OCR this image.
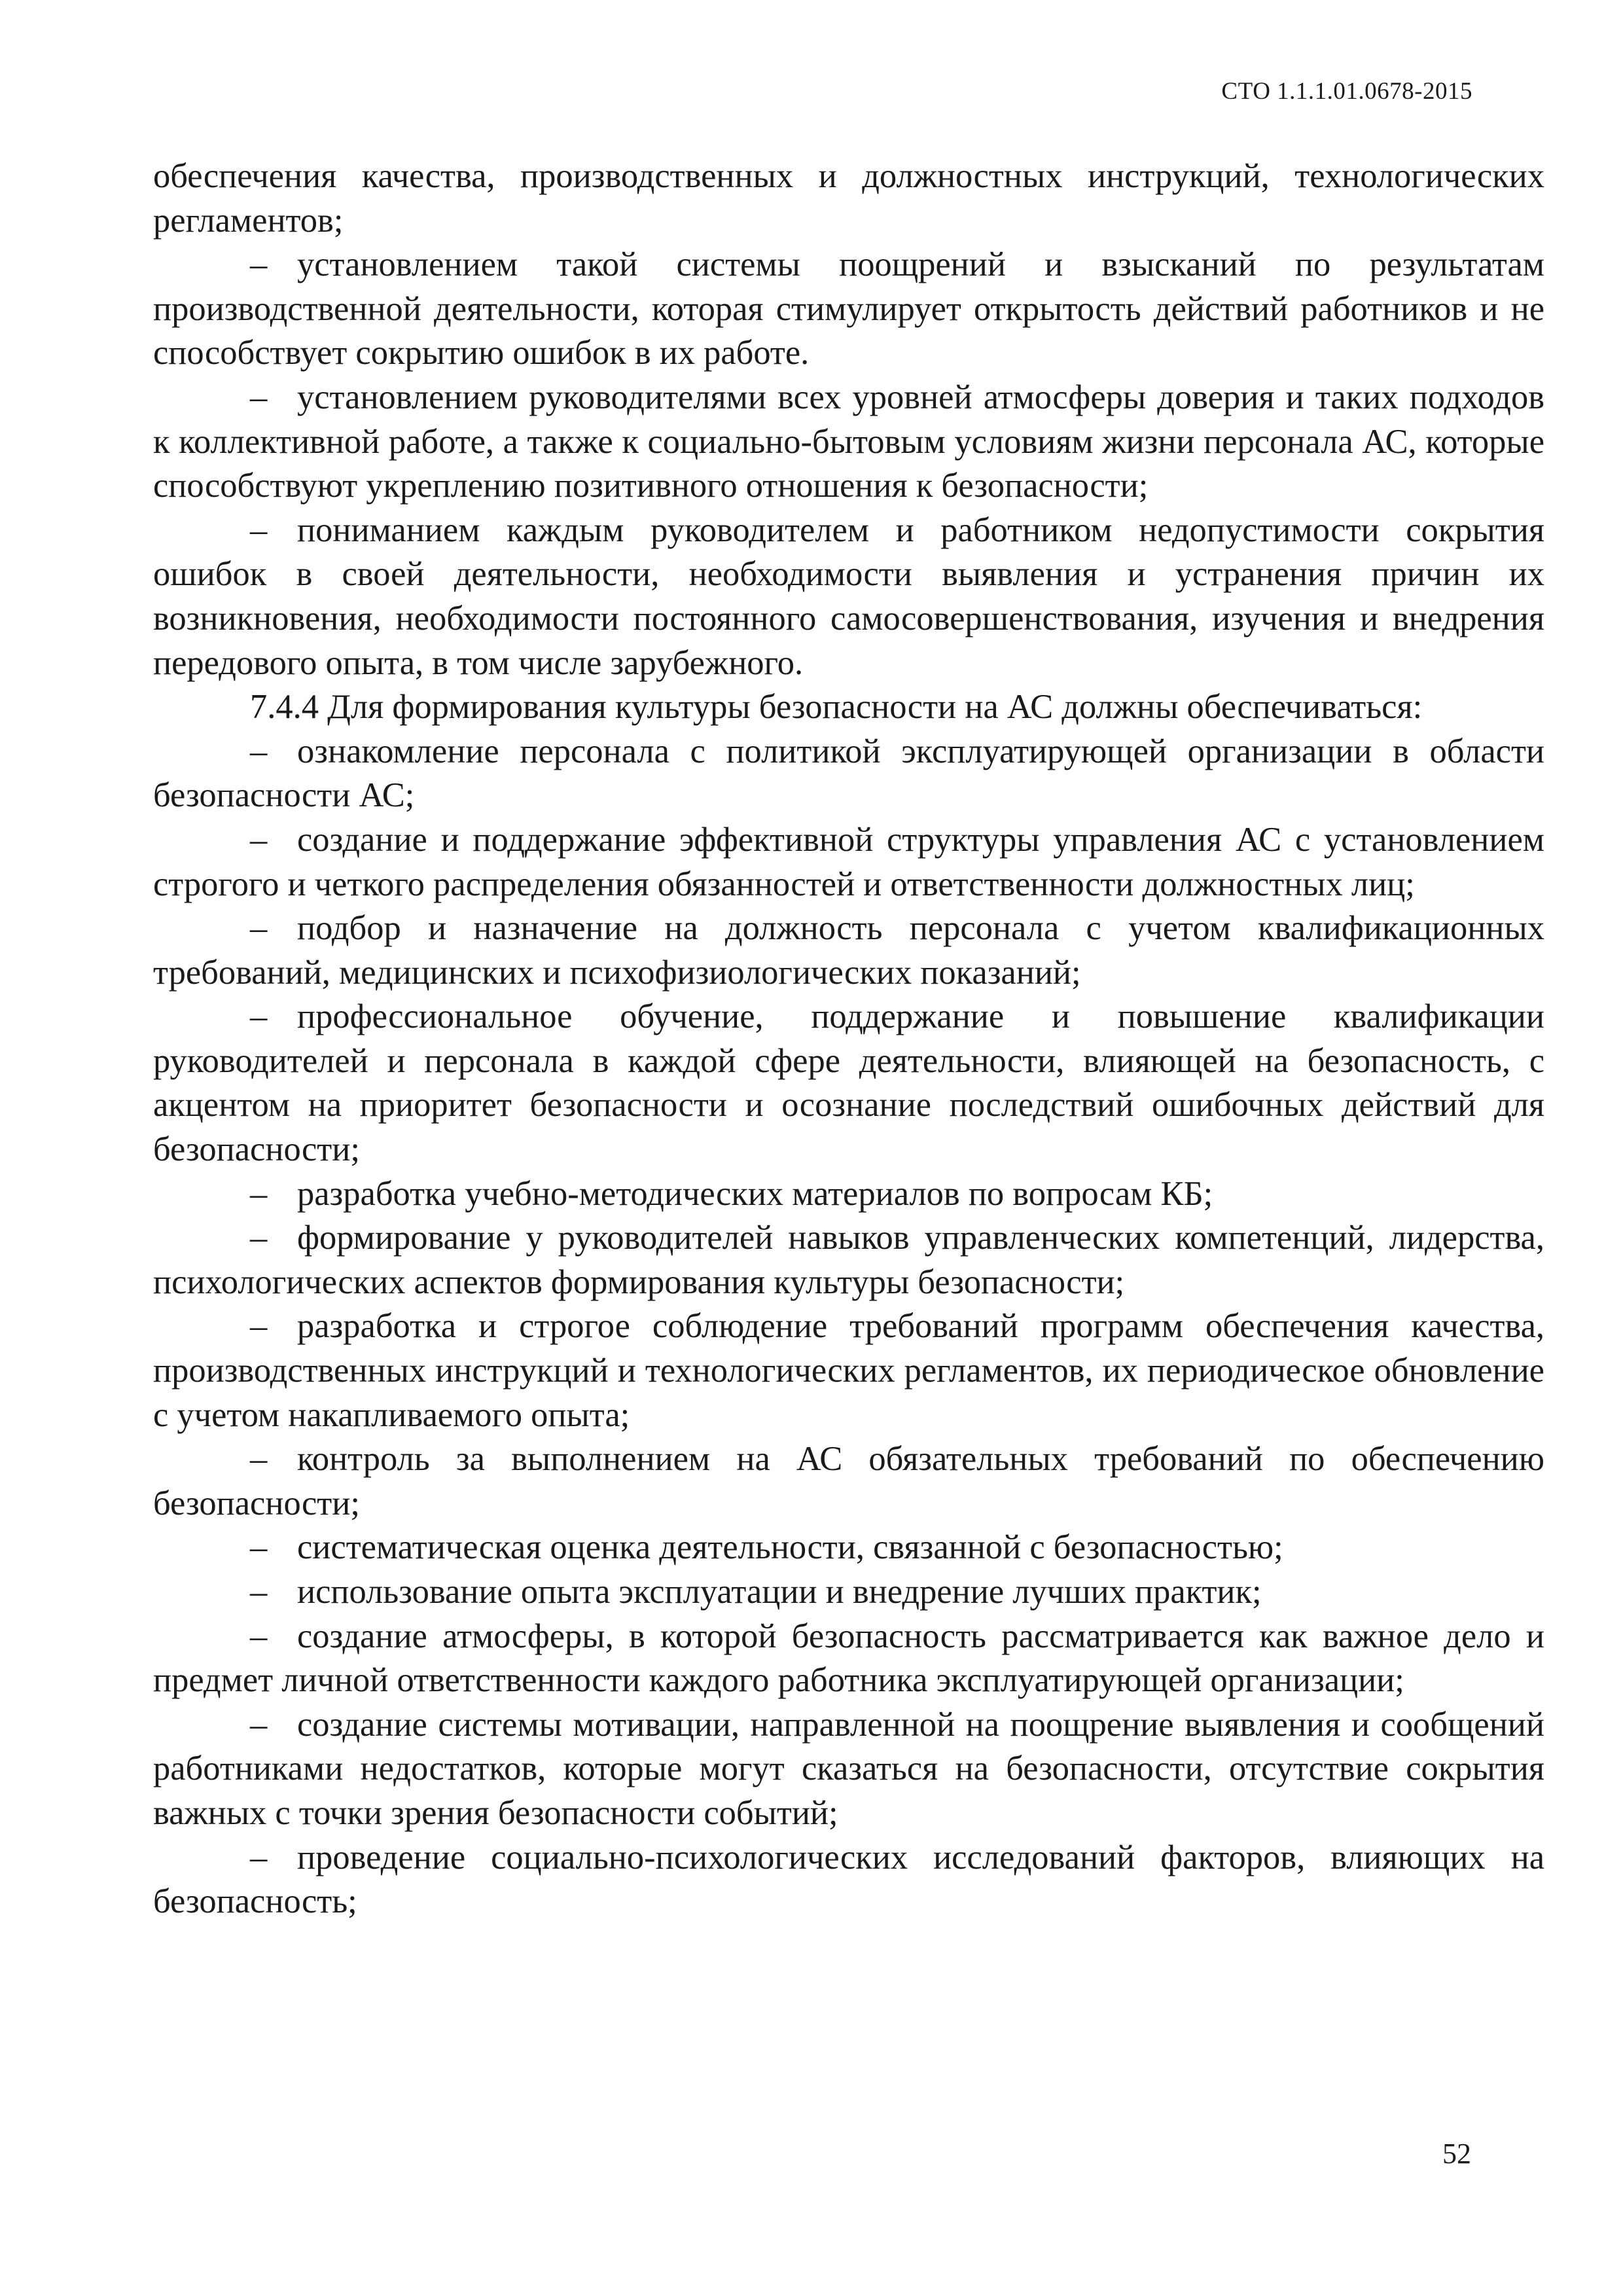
СТО 1.1.1.01.0678-2015

обеспечения качества, производственных и должностных инструкций, технологических регламентов;

– установлением такой системы поощрений и взысканий по результатам производственной деятельности, которая стимулирует открытость действий работников и не способствует сокрытию ошибок в их работе.

– установлением руководителями всех уровней атмосферы доверия и таких подходов к коллективной работе, а также к социально-бытовым условиям жизни персонала АС, которые способствуют укреплению позитивного отношения к безопасности;

– пониманием каждым руководителем и работником недопустимости сокрытия ошибок в своей деятельности, необходимости выявления и устранения причин их возникновения, необходимости постоянного самосовершенствования, изучения и внедрения передового опыта, в том числе зарубежного.

7.4.4 Для формирования культуры безопасности на АС должны обеспечиваться:

– ознакомление персонала с политикой эксплуатирующей организации в области безопасности АС;

– создание и поддержание эффективной структуры управления АС с установлением строгого и четкого распределения обязанностей и ответственности должностных лиц;

– подбор и назначение на должность персонала с учетом квалификационных требований, медицинских и психофизиологических показаний;

– профессиональное обучение, поддержание и повышение квалификации руководителей и персонала в каждой сфере деятельности, влияющей на безопасность, с акцентом на приоритет безопасности и осознание последствий ошибочных действий для безопасности;

– разработка учебно-методических материалов по вопросам КБ;

– формирование у руководителей навыков управленческих компетенций, лидерства, психологических аспектов формирования культуры безопасности;

– разработка и строгое соблюдение требований программ обеспечения качества, производственных инструкций и технологических регламентов, их периодическое обновление с учетом накапливаемого опыта;

– контроль за выполнением на АС обязательных требований по обеспечению безопасности;

– систематическая оценка деятельности, связанной с безопасностью;

– использование опыта эксплуатации и внедрение лучших практик;

– создание атмосферы, в которой безопасность рассматривается как важное дело и предмет личной ответственности каждого работника эксплуатирующей организации;

– создание системы мотивации, направленной на поощрение выявления и сообщений работниками недостатков, которые могут сказаться на безопасности, отсутствие сокрытия важных с точки зрения безопасности событий;

– проведение социально-психологических исследований факторов, влияющих на безопасность;

52
